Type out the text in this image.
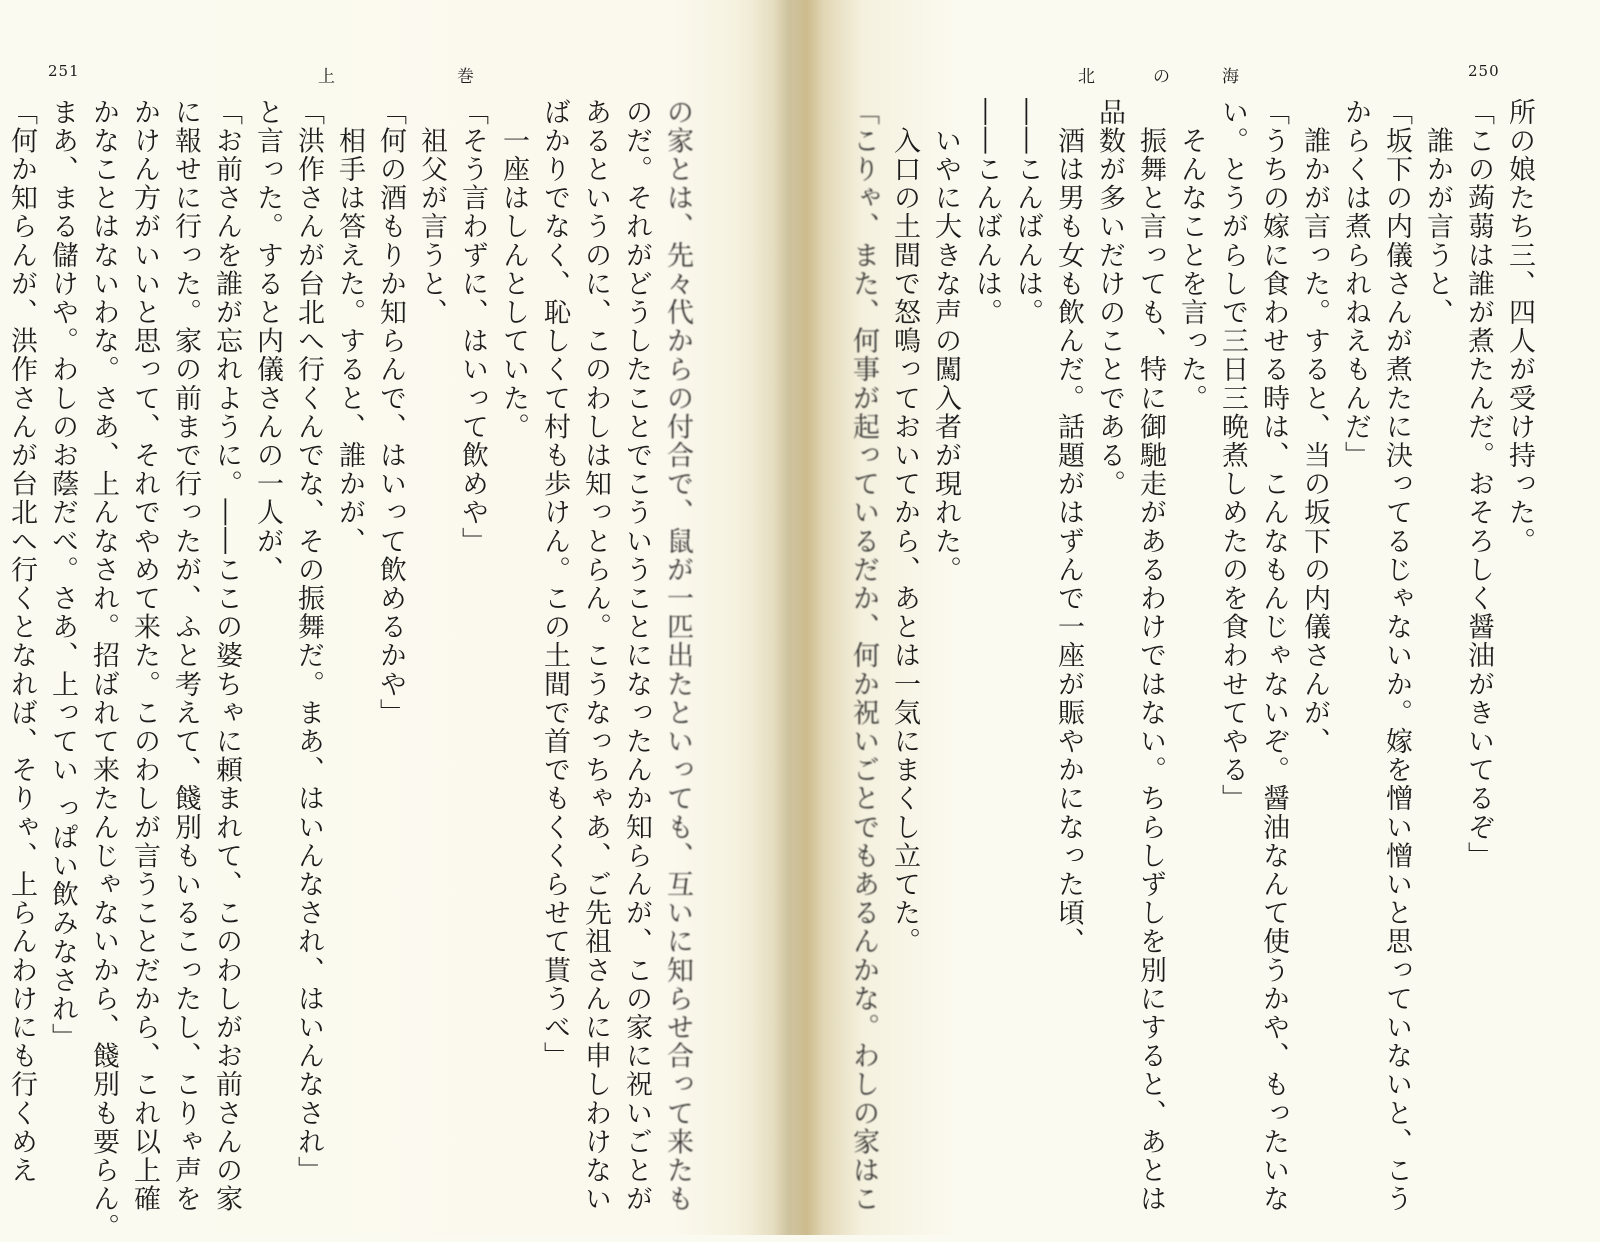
251	上	巻

の家とは、先々代からの付合で、鼠が一匹出たといっても、互いに知らせ合って来たも

のだ。それがどうしたことでこういうことになったんか知らんが、この家に祝いごとが

あるというのに、このわしは知っとらん。こうなっちゃあ、ご先祖さんに申しわけない

ばかりでなく、恥しくて村も歩けん。この土間で首でもくくらせて貰うべ」

　一座はしんとしていた。

「そう言わずに、はいって飲めや」

　祖父が言うと、

「何の酒もりか知らんで、はいって飲めるかや」

　相手は答えた。すると、誰かが、

「洪作さんが台北へ行くんでな、その振舞だ。まあ、はいんなされ、はいんなされ」

と言った。すると内儀さんの一人が、

「お前さんを誰が忘れように。――ここの婆ちゃに頼まれて、このわしがお前さんの家

に報せに行った。家の前まで行ったが、ふと考えて、餞別もいるこったし、こりゃ声を

かけん方がいいと思って、それでやめて来た。このわしが言うことだから、これ以上確

かなことはないわな。さあ、上んなされ。招ばれて来たんじゃないから、餞別も要らん。

まあ、まる儲けや。わしのお蔭だべ。さあ、上ってい っぱい飲みなされ」

「何か知らんが、洪作さんが台北へ行くとなれば、そりゃ、上らんわけにも行くめえ

北	の	海	250

所の娘たち三、四人が受け持った。

「この蒟蒻は誰が煮たんだ。おそろしく醤油がきいてるぞ」

　誰かが言うと、

「坂下の内儀さんが煮たに決ってるじゃないか。嫁を憎い憎いと思っていないと、こう

からくは煮られねえもんだ」

　誰かが言った。すると、当の坂下の内儀さんが、

「うちの嫁に食わせる時は、こんなもんじゃないぞ。醤油なんて使うかや、もったいな

い。とうがらしで三日三晩煮しめたのを食わせてやる」

　そんなことを言った。

　振舞と言っても、特に御馳走があるわけではない。ちらしずしを別にすると、あとは

品数が多いだけのことである。

　酒は男も女も飲んだ。話題がはずんで一座が賑やかになった頃、

――こんばんは。

――こんばんは。

　いやに大きな声の闖入者が現れた。

　入口の土間で怒鳴っておいてから、あとは一気にまくし立てた。

「こりゃ、また、何事が起っているだか、何か祝いごとでもあるんかな。わしの家はこ
